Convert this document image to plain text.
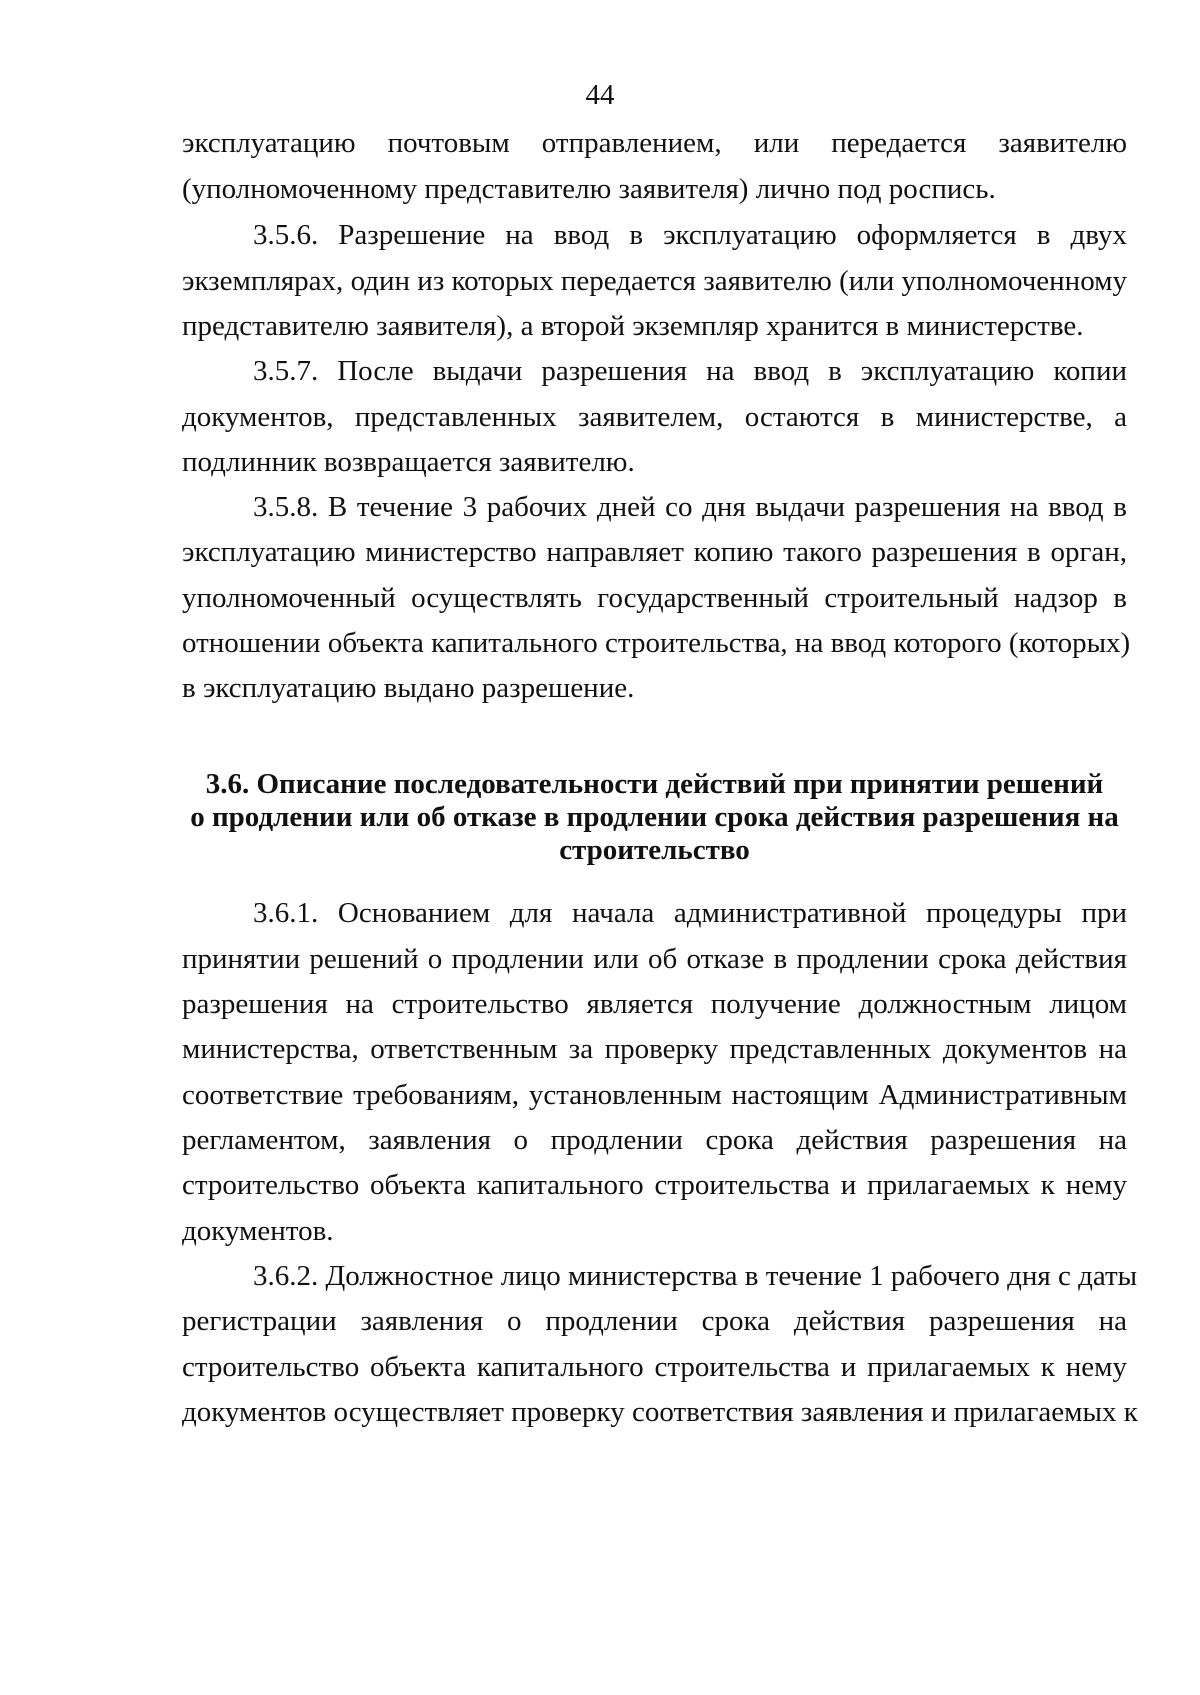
44
эксплуатацию почтовым отправлением, или передается заявителю
(уполномоченному представителю заявителя) лично под роспись.
3.5.6. Разрешение на ввод в эксплуатацию оформляется в двух
экземплярах, один из которых передается заявителю (или уполномоченному
представителю заявителя), а второй экземпляр хранится в министерстве.
3.5.7. После выдачи разрешения на ввод в эксплуатацию копии
документов, представленных заявителем, остаются в министерстве, а
подлинник возвращается заявителю.
3.5.8. В течение 3 рабочих дней со дня выдачи разрешения на ввод в
эксплуатацию министерство направляет копию такого разрешения в орган,
уполномоченный осуществлять государственный строительный надзор в
отношении объекта капитального строительства, на ввод которого (которых)
в эксплуатацию выдано разрешение.
3.6. Описание последовательности действий при принятии решений
о продлении или об отказе в продлении срока действия разрешения на
строительство
3.6.1. Основанием для начала административной процедуры при
принятии решений о продлении или об отказе в продлении срока действия
разрешения на строительство является получение должностным лицом
министерства, ответственным за проверку представленных документов на
соответствие требованиям, установленным настоящим Административным
регламентом, заявления о продлении срока действия разрешения на
строительство объекта капитального строительства и прилагаемых к нему
документов.
3.6.2. Должностное лицо министерства в течение 1 рабочего дня с даты
регистрации заявления о продлении срока действия разрешения на
строительство объекта капитального строительства и прилагаемых к нему
документов осуществляет проверку соответствия заявления и прилагаемых к
